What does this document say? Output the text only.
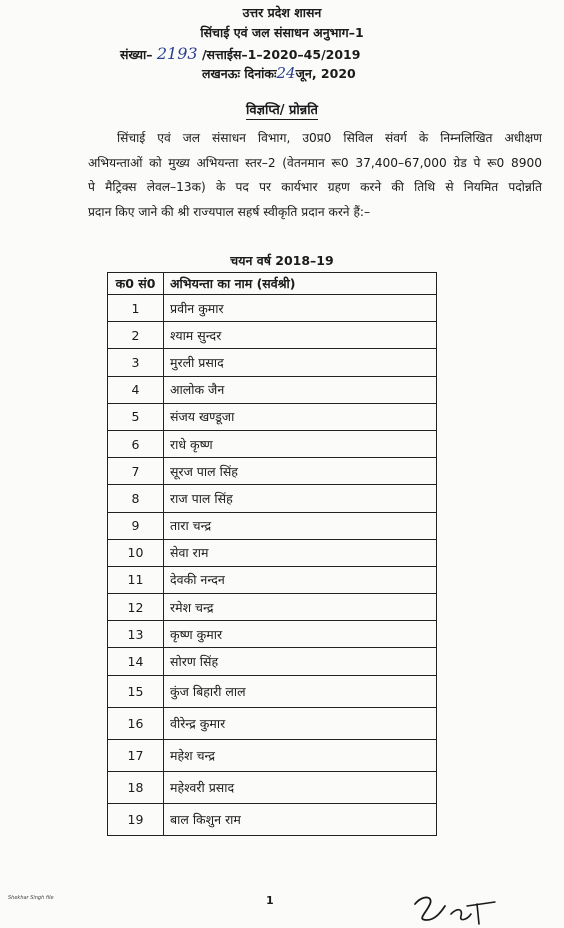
उत्तर प्रदेश शासन
सिंचाई एवं जल संसाधन अनुभाग–1
संख्या– 2193 /सत्ताईस–1–2020–45/2019
लखनऊः दिनांकः24जून, 2020
विज्ञप्ति/ प्रोन्नति

सिंचाई एवं जल संसाधन विभाग, उ0प्र0 सिविल संवर्ग के निम्नलिखित अधीक्षण

अभियन्ताओं को मुख्य अभियन्ता स्तर–2 (वेतनमान रू0 37,400–67,000 ग्रेड पे रू0 8900

पे मैट्रिक्स लेवल–13क) के पद पर कार्यभार ग्रहण करने की तिथि से नियमित पदोन्नति

प्रदान किए जाने की श्री राज्यपाल सहर्ष स्वीकृति प्रदान करने हैं:–

चयन वर्ष 2018–19
क0 सं0	अभियन्ता का नाम (सर्वश्री)
1	प्रवीन कुमार
2	श्याम सुन्दर
3	मुरली प्रसाद
4	आलोक जैन
5	संजय खण्डूजा
6	राधे कृष्ण
7	सूरज पाल सिंह
8	राज पाल सिंह
9	तारा चन्द्र
10	सेवा राम
11	देवकी नन्दन
12	रमेश चन्द्र
13	कृष्ण कुमार
14	सोरण सिंह
15	कुंज बिहारी लाल
16	वीरेन्द्र कुमार
17	महेश चन्द्र
18	महेश्वरी प्रसाद
19	बाल किशुन राम
Shekhar Singh file	1
